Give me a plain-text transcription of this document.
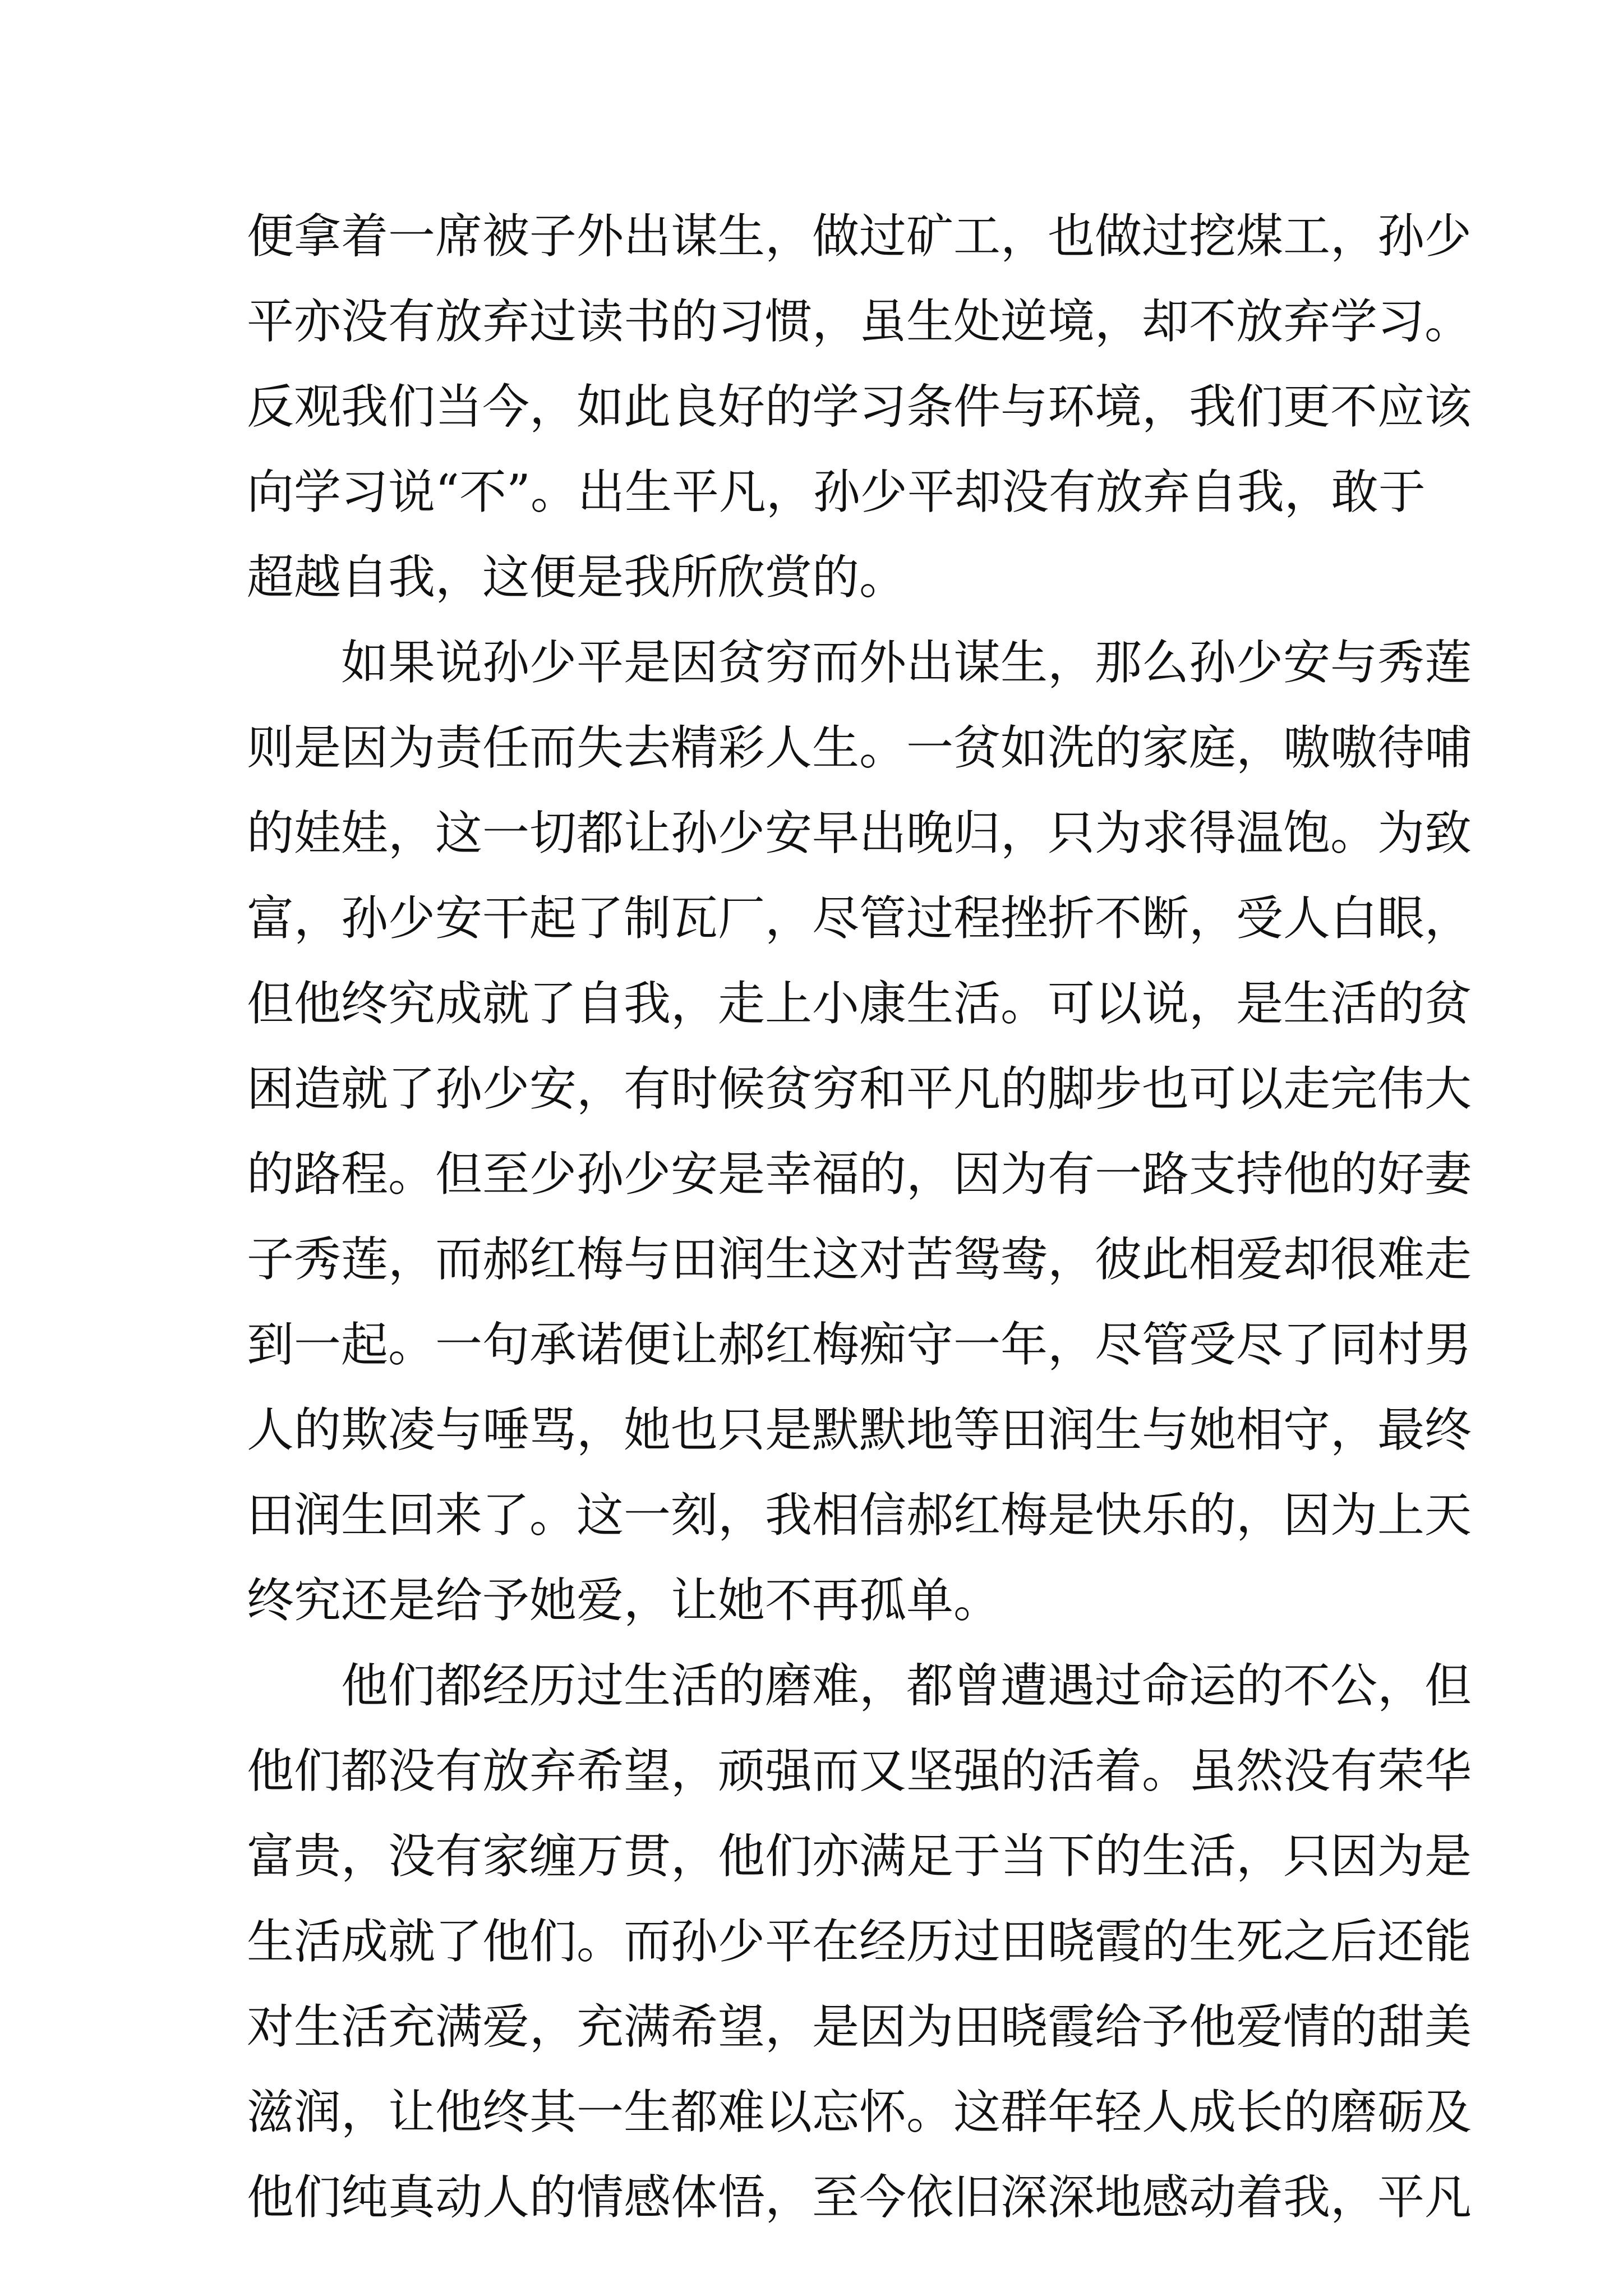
便拿着一席被子外出谋生，做过矿工，也做过挖煤工，孙少
平亦没有放弃过读书的习惯，虽生处逆境，却不放弃学习。
反观我们当今，如此良好的学习条件与环境，我们更不应该
向学习说“不”。出生平凡，孙少平却没有放弃自我，敢于
超越自我，这便是我所欣赏的。
如果说孙少平是因贫穷而外出谋生，那么孙少安与秀莲
则是因为责任而失去精彩人生。一贫如洗的家庭，嗷嗷待哺
的娃娃，这一切都让孙少安早出晚归，只为求得温饱。为致
富，孙少安干起了制瓦厂，尽管过程挫折不断，受人白眼，
但他终究成就了自我，走上小康生活。可以说，是生活的贫
困造就了孙少安，有时候贫穷和平凡的脚步也可以走完伟大
的路程。但至少孙少安是幸福的，因为有一路支持他的好妻
子秀莲，而郝红梅与田润生这对苦鸳鸯，彼此相爱却很难走
到一起。一句承诺便让郝红梅痴守一年，尽管受尽了同村男
人的欺凌与唾骂，她也只是默默地等田润生与她相守，最终
田润生回来了。这一刻，我相信郝红梅是快乐的，因为上天
终究还是给予她爱，让她不再孤单。
他们都经历过生活的磨难，都曾遭遇过命运的不公，但
他们都没有放弃希望，顽强而又坚强的活着。虽然没有荣华
富贵，没有家缠万贯，他们亦满足于当下的生活，只因为是
生活成就了他们。而孙少平在经历过田晓霞的生死之后还能
对生活充满爱，充满希望，是因为田晓霞给予他爱情的甜美
滋润，让他终其一生都难以忘怀。这群年轻人成长的磨砺及
他们纯真动人的情感体悟，至今依旧深深地感动着我，平凡
